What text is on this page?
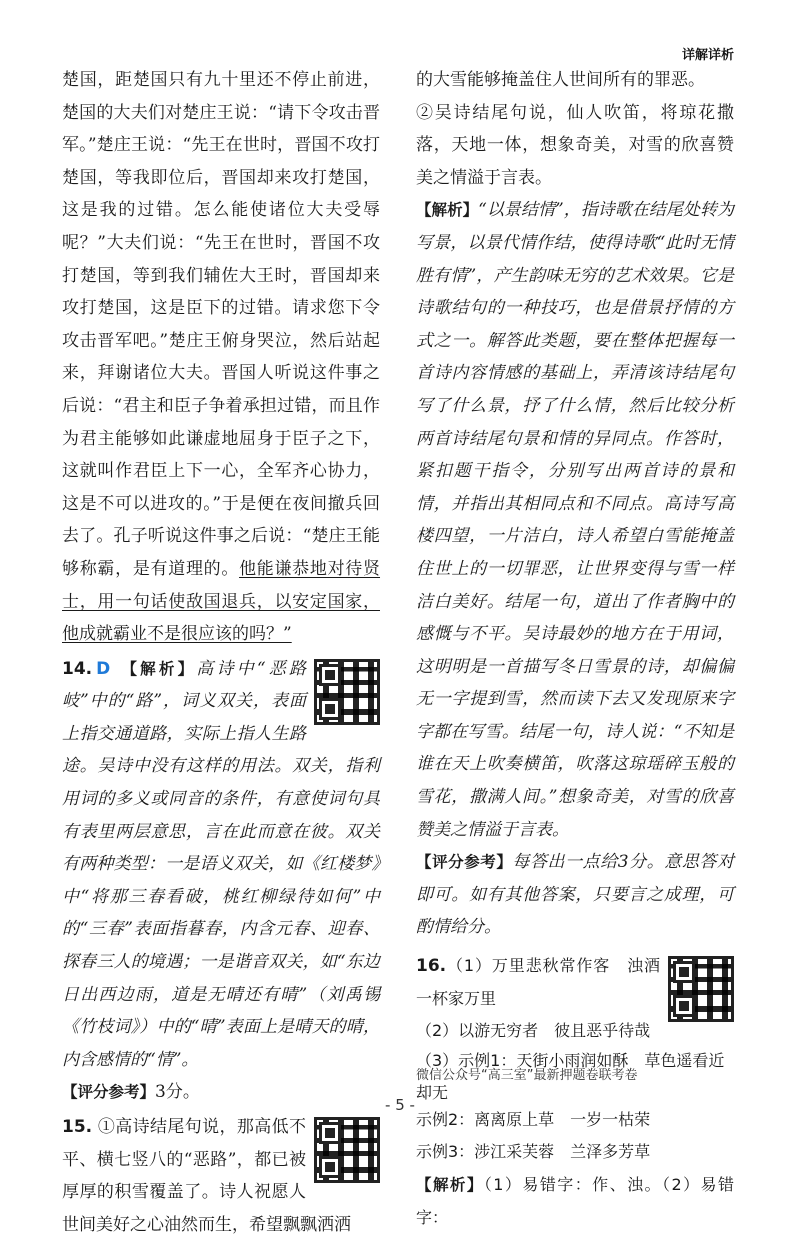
详解详析

楚国，距楚国只有九十里还不停止前进，楚国的大夫们对楚庄王说：“请下令攻击晋军。”楚庄王说：“先王在世时，晋国不攻打楚国，等我即位后，晋国却来攻打楚国，这是我的过错。怎么能使诸位大夫受辱呢？”大夫们说：“先王在世时，晋国不攻打楚国，等到我们辅佐大王时，晋国却来攻打楚国，这是臣下的过错。请求您下令攻击晋军吧。”楚庄王俯身哭泣，然后站起来，拜谢诸位大夫。晋国人听说这件事之后说：“君主和臣子争着承担过错，而且作为君主能够如此谦虚地屈身于臣子之下，这就叫作君臣上下一心，全军齐心协力，这是不可以进攻的。”于是便在夜间撤兵回去了。孔子听说这件事之后说：“楚庄王能够称霸，是有道理的。他能谦恭地对待贤士，用一句话使敌国退兵，以安定国家，他成就霸业不是很应该的吗？”

14. D 【解析】高诗中“恶路岐”中的“路”，词义双关，表面上指交通道路，实际上指人生路途。吴诗中没有这样的用法。双关，指利用词的多义或同音的条件，有意使词句具有表里两层意思，言在此而意在彼。双关有两种类型：一是语义双关，如《红楼梦》中“将那三春看破，桃红柳绿待如何”中的“三春”表面指暮春，内含元春、迎春、探春三人的境遇；一是谐音双关，如“东边日出西边雨，道是无晴还有晴”（刘禹锡《竹枝词》）中的“晴”表面上是晴天的晴，内含感情的“情”。

【评分参考】3分。

15. ①高诗结尾句说，那高低不平、横七竖八的“恶路”，都已被厚厚的积雪覆盖了。诗人祝愿人世间美好之心油然而生，希望飘飘洒洒

的大雪能够掩盖住人世间所有的罪恶。

②吴诗结尾句说，仙人吹笛，将琼花撒落，天地一体，想象奇美，对雪的欣喜赞美之情溢于言表。

【解析】“以景结情”，指诗歌在结尾处转为写景，以景代情作结，使得诗歌“此时无情胜有情”，产生韵味无穷的艺术效果。它是诗歌结句的一种技巧，也是借景抒情的方式之一。解答此类题，要在整体把握每一首诗内容情感的基础上，弄清该诗结尾句写了什么景，抒了什么情，然后比较分析两首诗结尾句景和情的异同点。作答时，紧扣题干指令，分别写出两首诗的景和情，并指出其相同点和不同点。高诗写高楼四望，一片洁白，诗人希望白雪能掩盖住世上的一切罪恶，让世界变得与雪一样洁白美好。结尾一句，道出了作者胸中的感慨与不平。吴诗最妙的地方在于用词，这明明是一首描写冬日雪景的诗，却偏偏无一字提到雪，然而读下去又发现原来字字都在写雪。结尾一句，诗人说：“不知是谁在天上吹奏横笛，吹落这琼瑶碎玉般的雪花，撒满人间。”想象奇美，对雪的欣喜赞美之情溢于言表。

【评分参考】每答出一点给3分。意思答对即可。如有其他答案，只要言之成理，可酌情给分。

16.（1）万里悲秋常作客　浊酒一杯家万里

（2）以游无穷者　彼且恶乎待哉

（3）示例1：天街小雨润如酥　草色遥看近

微信公众号“高三室”最新押题卷联考卷

却无

示例2：离离原上草　一岁一枯荣

示例3：涉江采芙蓉　兰泽多芳草

【解析】（1）易错字：作、浊。（2）易错字：

- 5 -
